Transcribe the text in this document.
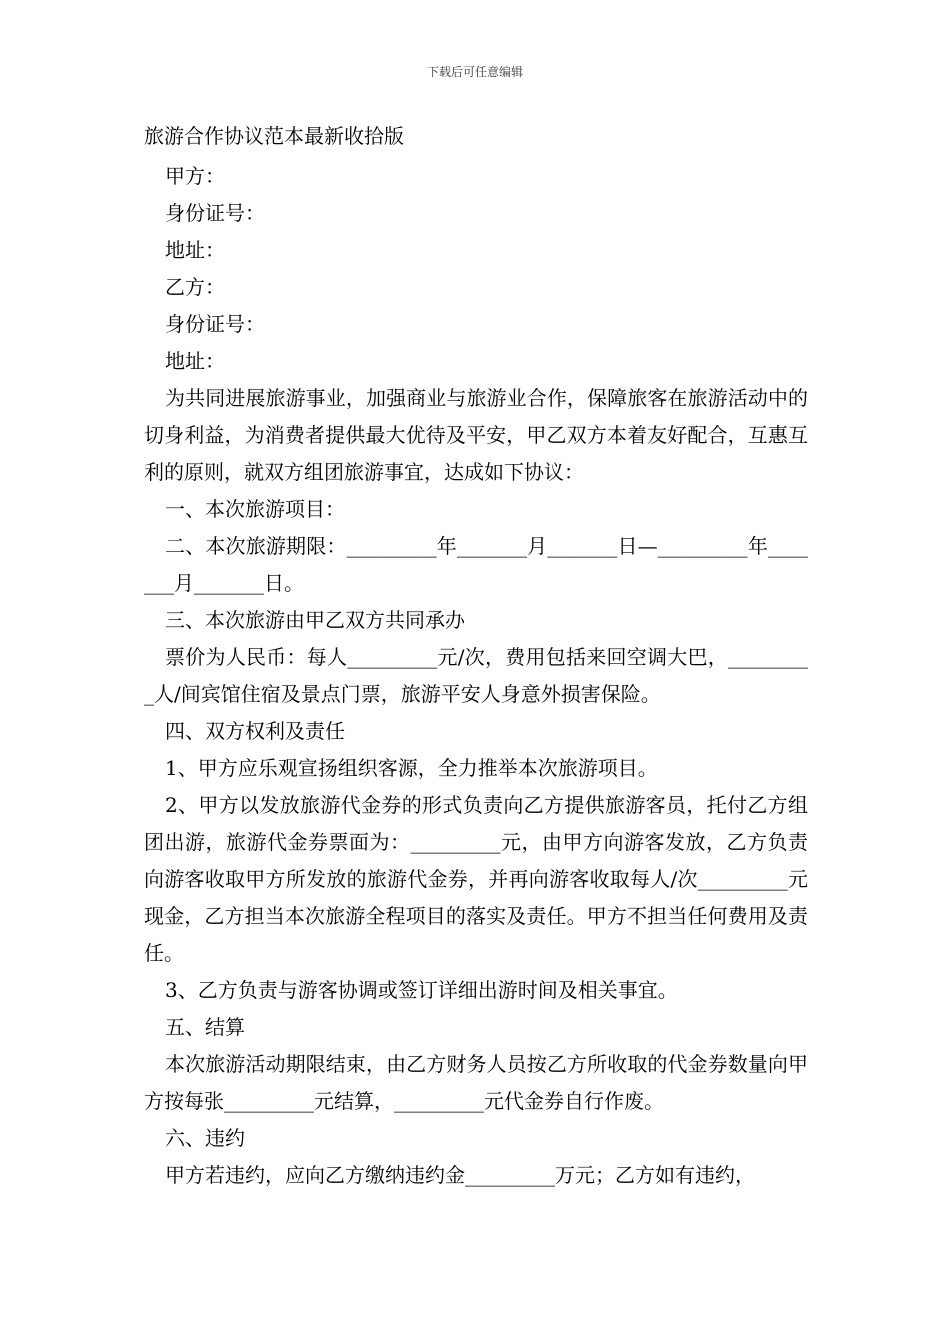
下载后可任意编辑
旅游合作协议范本最新收拾版

甲方：

身份证号：

地址：

乙方：

身份证号：

地址：

为共同进展旅游事业，加强商业与旅游业合作，保障旅客在旅游活动中的切身利益，为消费者提供最大优待及平安，甲乙双方本着友好配合，互惠互利的原则，就双方组团旅游事宜，达成如下协议：

一、本次旅游项目：

二、本次旅游期限：_________年_______月_______日—_________年_______月_______日。

三、本次旅游由甲乙双方共同承办

票价为人民币：每人_________元/次，费用包括来回空调大巴，_________人/间宾馆住宿及景点门票，旅游平安人身意外损害保险。

四、双方权利及责任

1、甲方应乐观宣扬组织客源，全力推举本次旅游项目。

2、甲方以发放旅游代金券的形式负责向乙方提供旅游客员，托付乙方组团出游，旅游代金券票面为：_________元，由甲方向游客发放，乙方负责向游客收取甲方所发放的旅游代金券，并再向游客收取每人/次_________元现金，乙方担当本次旅游全程项目的落实及责任。甲方不担当任何费用及责任。

3、乙方负责与游客协调或签订详细出游时间及相关事宜。

五、结算

本次旅游活动期限结束，由乙方财务人员按乙方所收取的代金券数量向甲方按每张_________元结算，_________元代金券自行作废。

六、违约

甲方若违约，应向乙方缴纳违约金_________万元；乙方如有违约，
